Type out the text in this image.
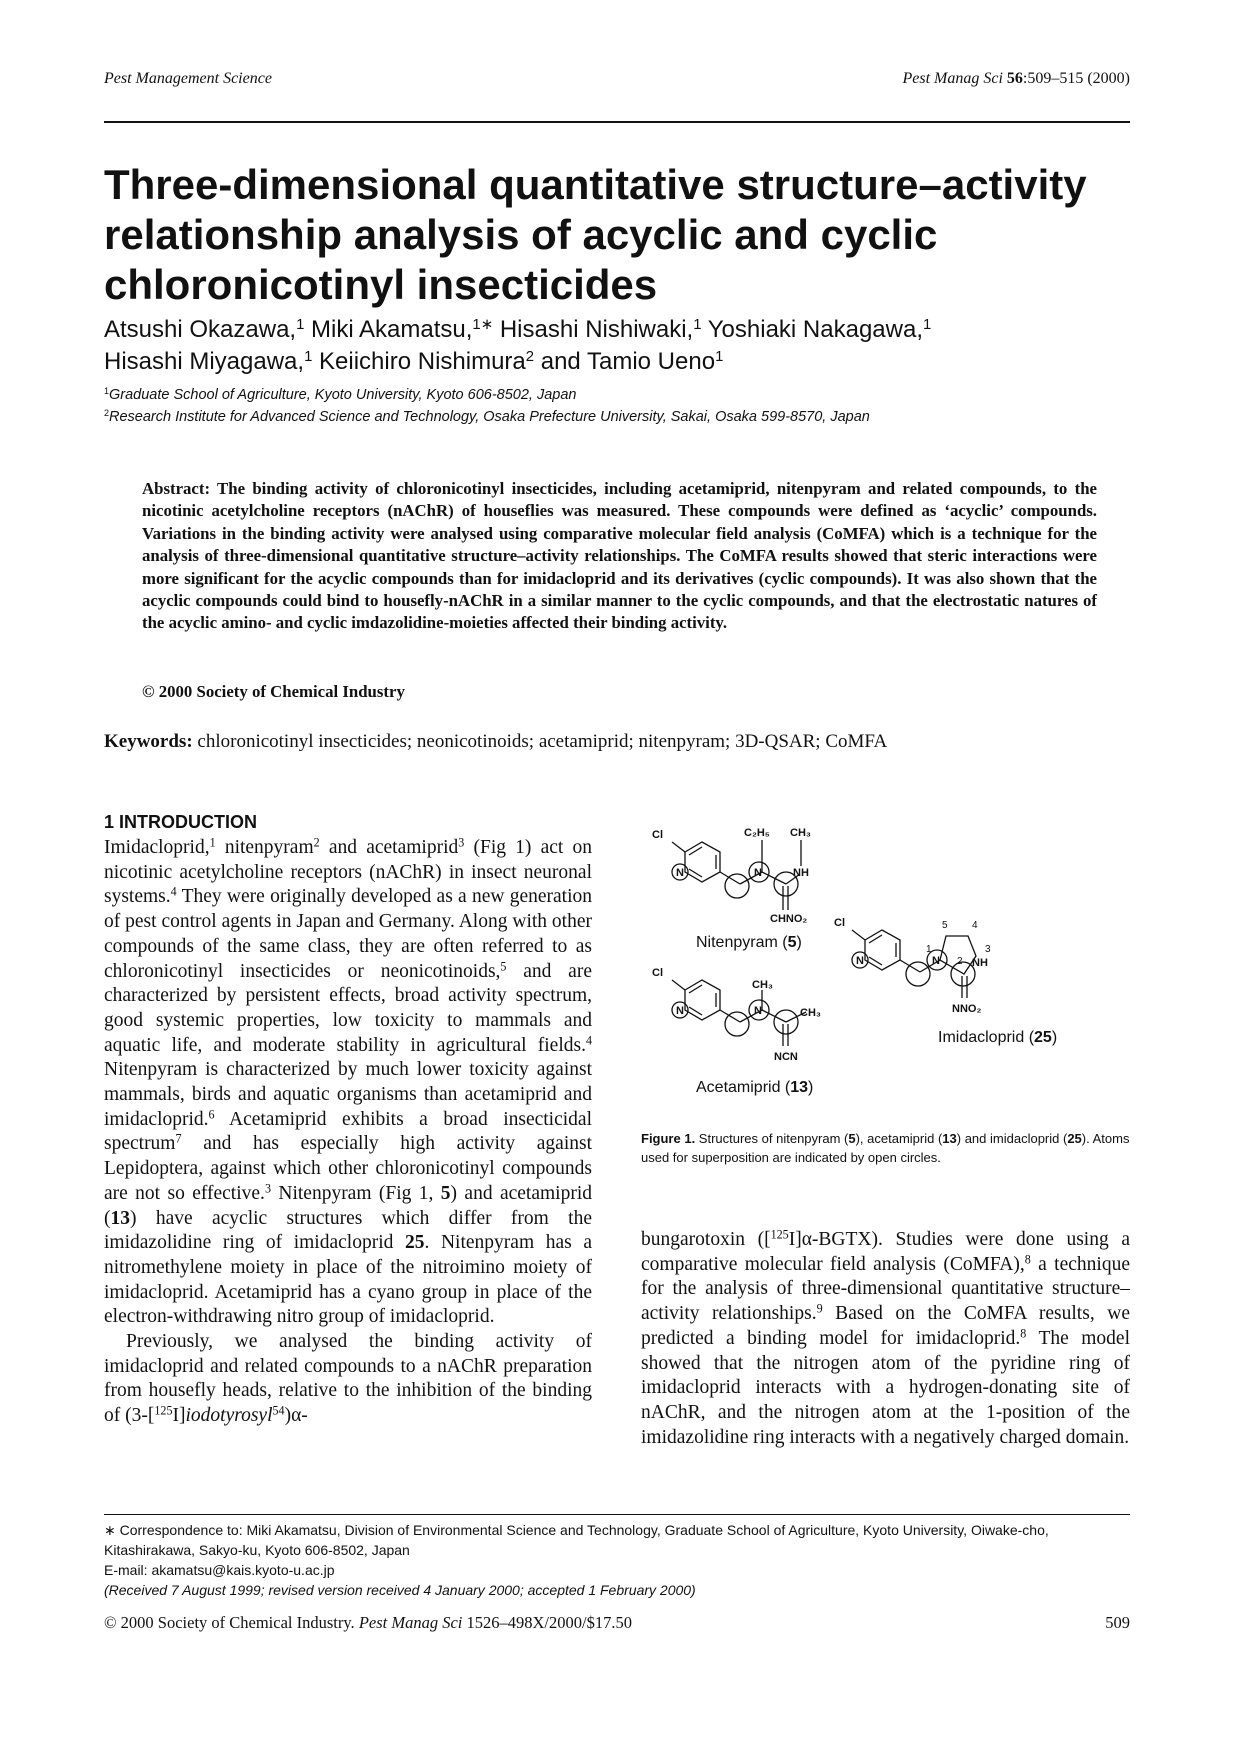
Pest Management Science	Pest Manag Sci 56:509–515 (2000)
Three-dimensional quantitative structure–activity relationship analysis of acyclic and cyclic chloronicotinyl insecticides
Atsushi Okazawa,$^1$ Miki Akamatsu,$^{1∗}$ Hisashi Nishiwaki,$^1$ Yoshiaki Nakagawa,$^1$
Hisashi Miyagawa,$^1$ Keiichiro Nishimura$^2$ and Tamio Ueno$^1$
$^1$Graduate School of Agriculture, Kyoto University, Kyoto 606-8502, Japan
$^2$Research Institute for Advanced Science and Technology, Osaka Prefecture University, Sakai, Osaka 599-8570, Japan
Abstract: The binding activity of chloronicotinyl insecticides, including acetamiprid, nitenpyram and related compounds, to the nicotinic acetylcholine receptors (nAChR) of houseflies was measured. These compounds were defined as ‘acyclic’ compounds. Variations in the binding activity were analysed using comparative molecular field analysis (CoMFA) which is a technique for the analysis of three-dimensional quantitative structure–activity relationships. The CoMFA results showed that steric interactions were more significant for the acyclic compounds than for imidacloprid and its derivatives (cyclic compounds). It was also shown that the acyclic compounds could bind to housefly-nAChR in a similar manner to the cyclic compounds, and that the electrostatic natures of the acyclic amino- and cyclic imdazolidine-moieties affected their binding activity.
© 2000 Society of Chemical Industry
Keywords: chloronicotinyl insecticides; neonicotinoids; acetamiprid; nitenpyram; 3D-QSAR; CoMFA
1 INTRODUCTION

Imidacloprid,$^1$ nitenpyram$^2$ and acetamiprid$^3$ (Fig 1) act on nicotinic acetylcholine receptors (nAChR) in insect neuronal systems.$^4$ They were originally developed as a new generation of pest control agents in Japan and Germany. Along with other compounds of the same class, they are often referred to as chloronicotinyl insecticides or neonicotinoids,$^5$ and are characterized by persistent effects, broad activity spectrum, good systemic properties, low toxicity to mammals and aquatic life, and moderate stability in agricultural fields.$^4$ Nitenpyram is characterized by much lower toxicity against mammals, birds and aquatic organisms than acetamiprid and imidacloprid.$^6$ Acetamiprid exhibits a broad insecticidal spectrum$^7$ and has especially high activity against Lepidoptera, against which other chloronicotinyl compounds are not so effective.$^3$ Nitenpyram (Fig 1, 5) and acetamiprid (13) have acyclic structures which differ from the imidazolidine ring of imidacloprid 25. Nitenpyram has a nitromethylene moiety in place of the nitroimino moiety of imidacloprid. Acetamiprid has a cyano group in place of the electron-withdrawing nitro group of imidacloprid.

Previously, we analysed the binding activity of imidacloprid and related compounds to a nAChR preparation from housefly heads, relative to the inhibition of the binding of (3-[$^{125}$I]iodotyrosyl$^{54}$)α-

Cl
N	N
C₂H₅ CH₃
NH
CHNO₂
Cl
N	N
CH₃
CH₃
NCN
Cl
N	N	NH
NNO₂
1
2
3
4
5
Nitenpyram (5)
Acetamiprid (13)
Imidacloprid (25)
Figure 1. Structures of nitenpyram (5), acetamiprid (13) and imidacloprid (25). Atoms used for superposition are indicated by open circles.

bungarotoxin ([$^{125}$I]α-BGTX). Studies were done using a comparative molecular field analysis (CoMFA),$^8$ a technique for the analysis of three-dimensional quantitative structure–activity relationships.$^9$ Based on the CoMFA results, we predicted a binding model for imidacloprid.$^8$ The model showed that the nitrogen atom of the pyridine ring of imidacloprid interacts with a hydrogen-donating site of nAChR, and the nitrogen atom at the 1-position of the imidazolidine ring interacts with a negatively charged domain.

∗ Correspondence to: Miki Akamatsu, Division of Environmental Science and Technology, Graduate School of Agriculture, Kyoto University, Oiwake-cho, Kitashirakawa, Sakyo-ku, Kyoto 606-8502, Japan
E-mail: akamatsu@kais.kyoto-u.ac.jp
(Received 7 August 1999; revised version received 4 January 2000; accepted 1 February 2000)
© 2000 Society of Chemical Industry. Pest Manag Sci 1526–498X/2000/$17.50	509
